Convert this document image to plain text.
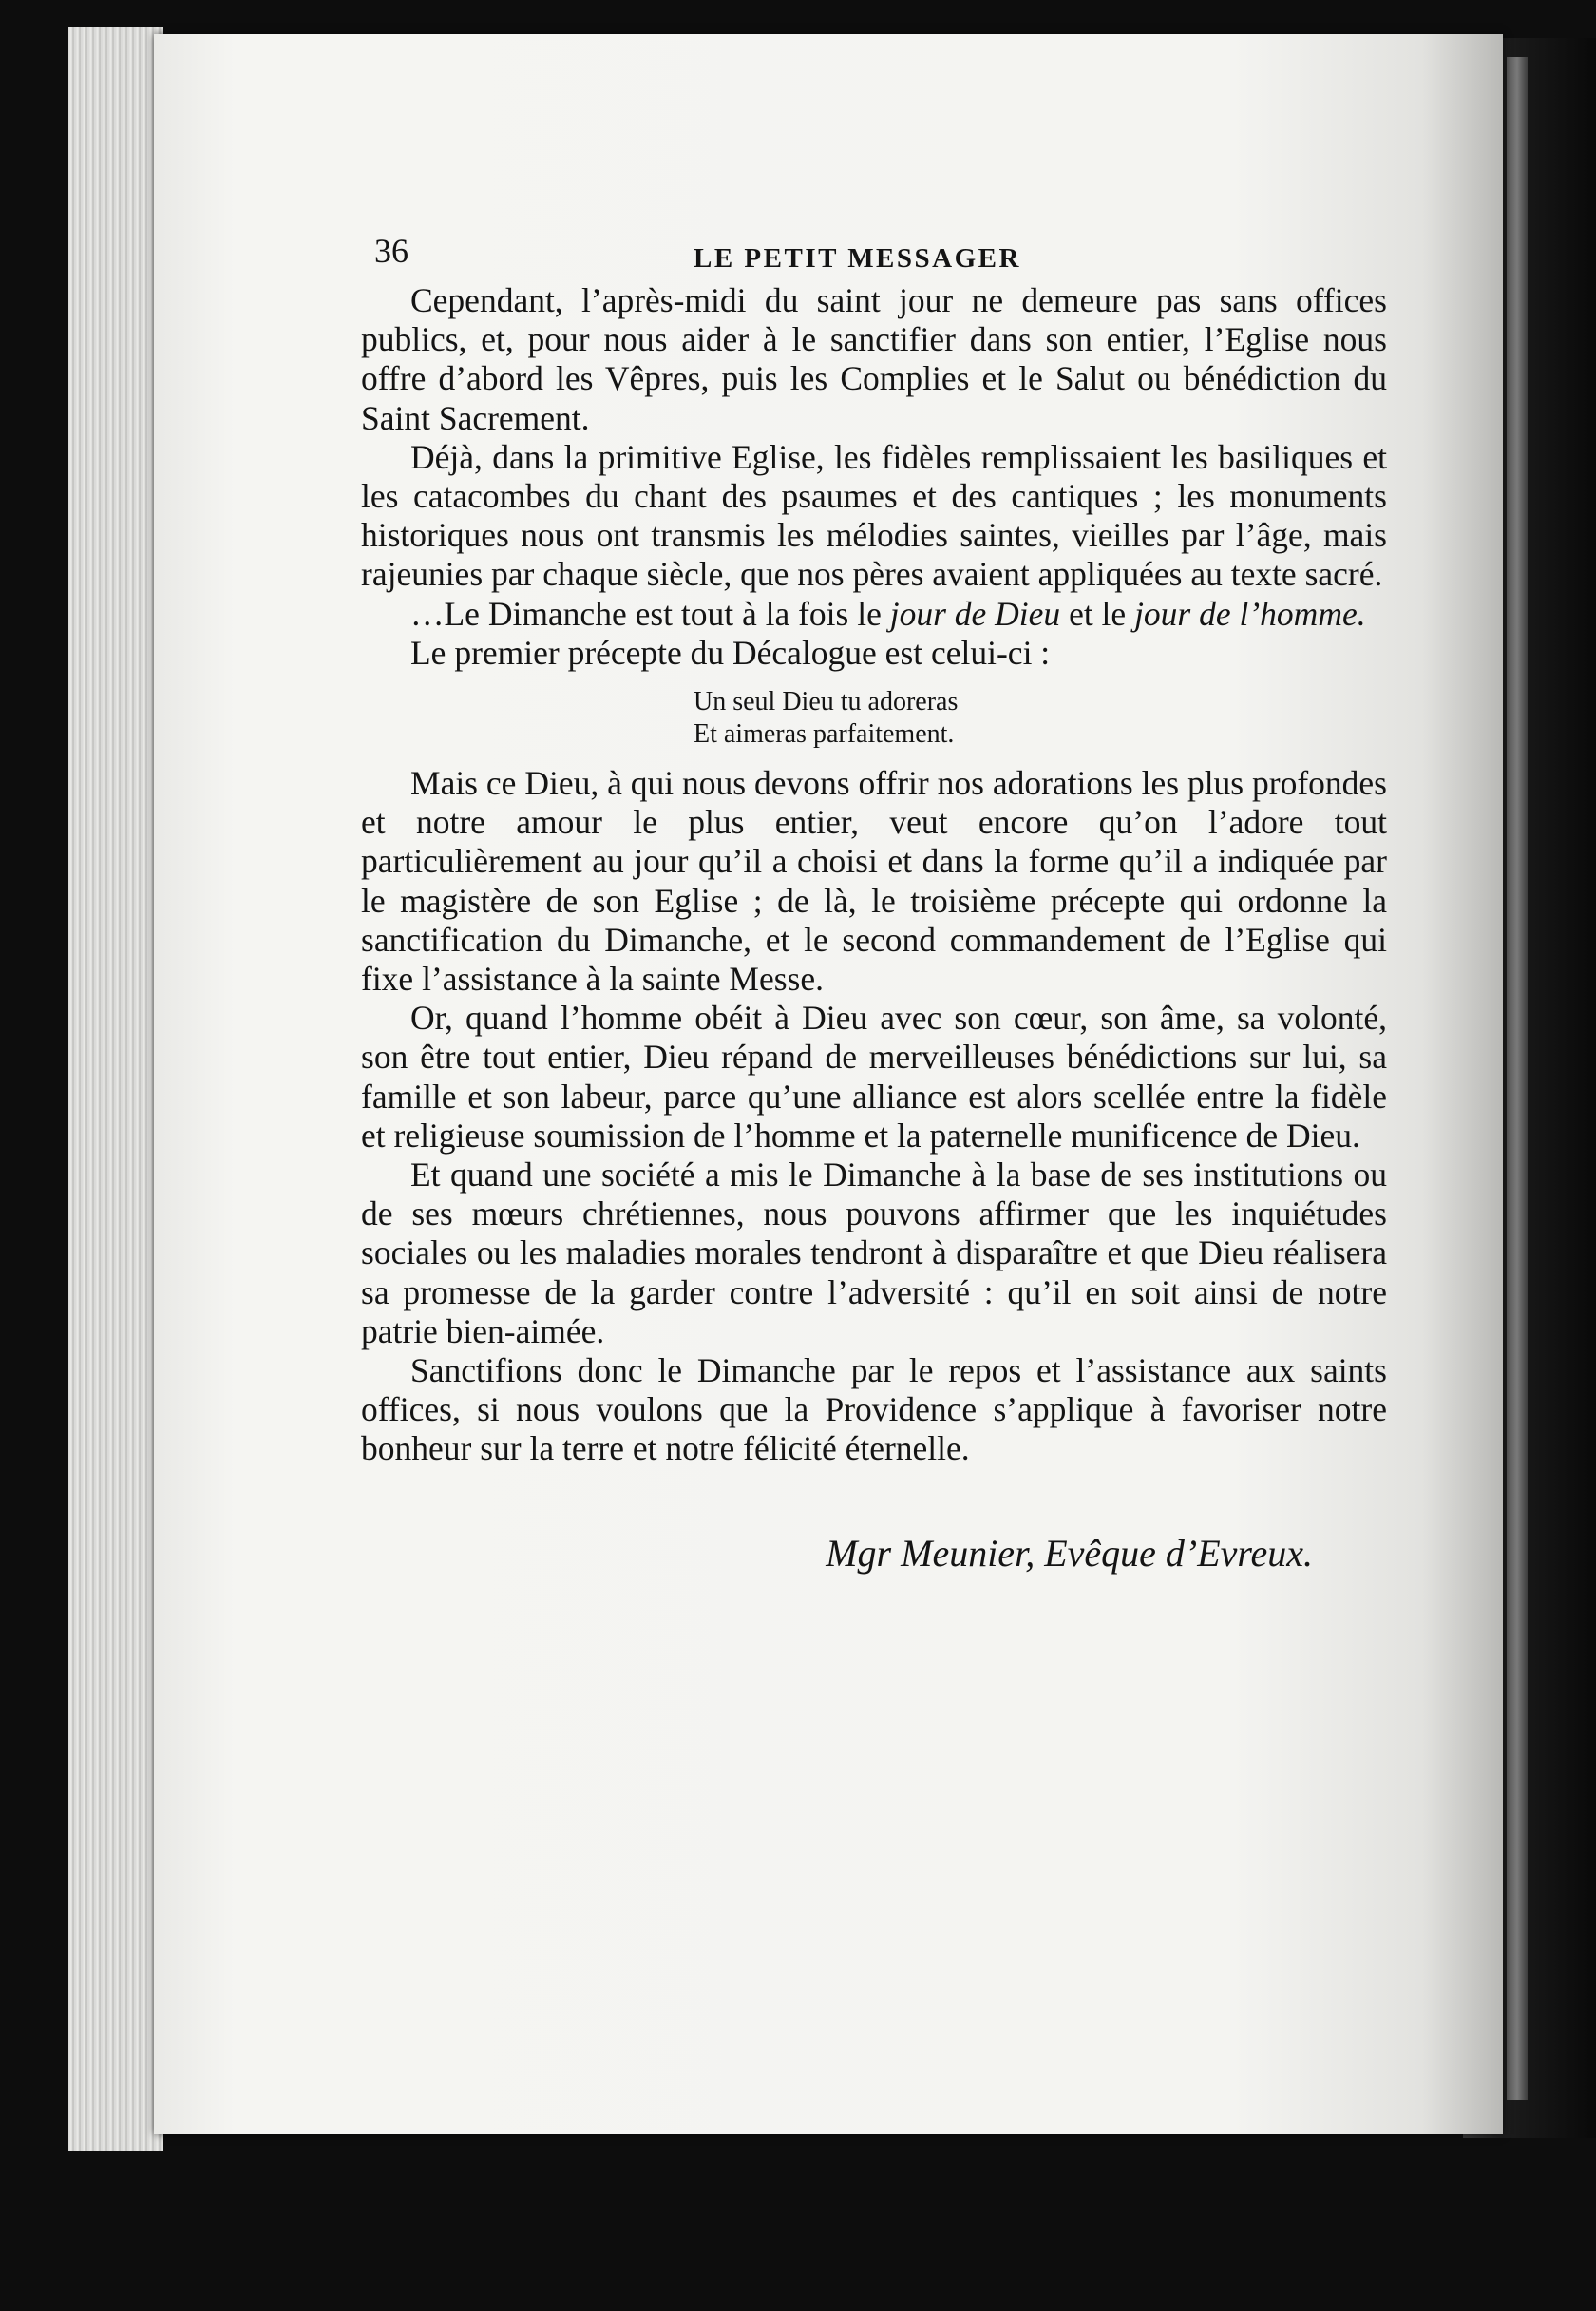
36	LE PETIT MESSAGER

Cependant, l’après-midi du saint jour ne demeure pas sans offices publics, et, pour nous aider à le sanctifier dans son entier, l’Eglise nous offre d’abord les Vêpres, puis les Complies et le Salut ou bénédiction du Saint Sacrement.

Déjà, dans la primitive Eglise, les fidèles remplissaient les basiliques et les catacombes du chant des psaumes et des cantiques ; les monuments historiques nous ont transmis les mélodies saintes, vieilles par l’âge, mais rajeunies par chaque siècle, que nos pères avaient appliquées au texte sacré.

…Le Dimanche est tout à la fois le jour de Dieu et le jour de l’homme.

Le premier précepte du Décalogue est celui-ci :

Un seul Dieu tu adoreras
Et aimeras parfaitement.

Mais ce Dieu, à qui nous devons offrir nos adorations les plus profondes et notre amour le plus entier, veut encore qu’on l’adore tout particulièrement au jour qu’il a choisi et dans la forme qu’il a indiquée par le magistère de son Eglise ; de là, le troisième précepte qui ordonne la sanctification du Dimanche, et le second commandement de l’Eglise qui fixe l’assistance à la sainte Messe.

Or, quand l’homme obéit à Dieu avec son cœur, son âme, sa volonté, son être tout entier, Dieu répand de merveilleuses bénédictions sur lui, sa famille et son labeur, parce qu’une alliance est alors scellée entre la fidèle et religieuse soumission de l’homme et la paternelle munificence de Dieu.

Et quand une société a mis le Dimanche à la base de ses institutions ou de ses mœurs chrétiennes, nous pouvons affirmer que les inquiétudes sociales ou les maladies morales tendront à disparaître et que Dieu réalisera sa promesse de la garder contre l’adversité : qu’il en soit ainsi de notre patrie bien-aimée.

Sanctifions donc le Dimanche par le repos et l’assistance aux saints offices, si nous voulons que la Providence s’applique à favoriser notre bonheur sur la terre et notre félicité éternelle.

Mgr Meunier, Evêque d’Evreux.
